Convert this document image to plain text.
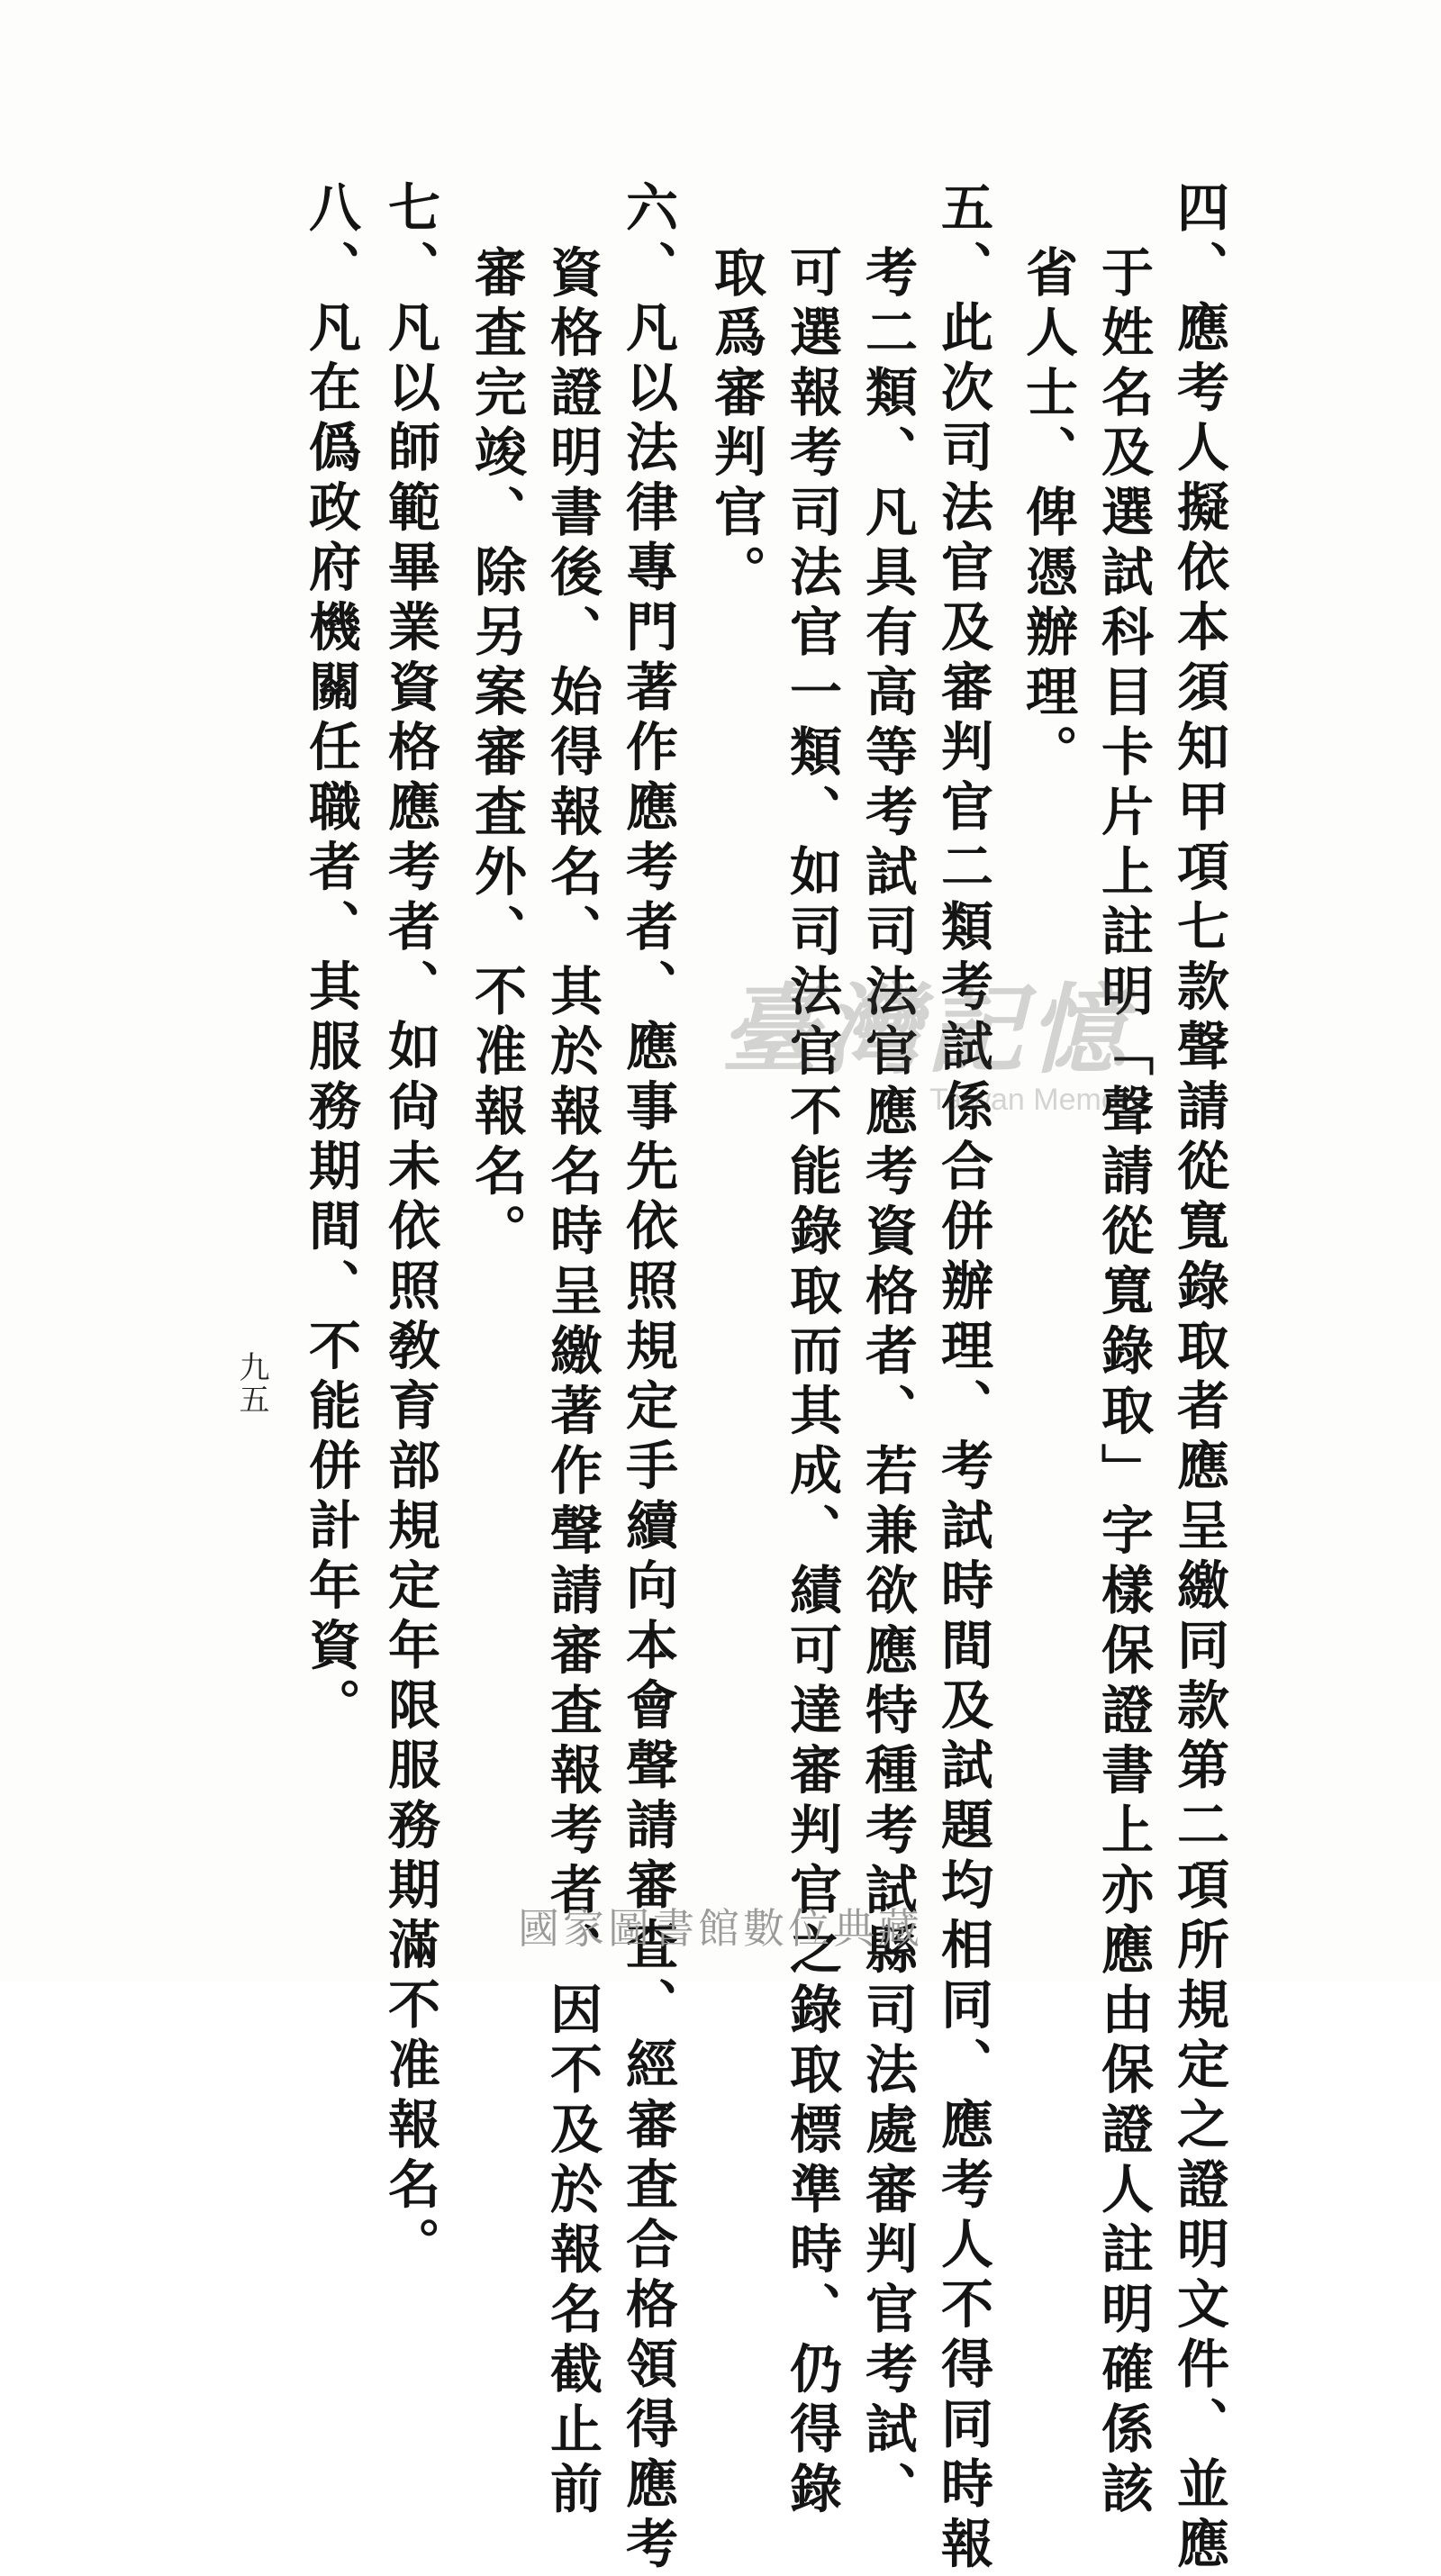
四、應考人擬依本須知甲項七款聲請從寬錄取者應呈繳同款第二項所規定之證明文件、並應
于姓名及選試科目卡片上註明「聲請從寬錄取」字樣保證書上亦應由保證人註明確係該
省人士、俾憑辦理。
五、此次司法官及審判官二類考試係合併辦理、考試時間及試題均相同、應考人不得同時報
考二類、凡具有高等考試司法官應考資格者、若兼欲應特種考試縣司法處審判官考試、
可選報考司法官一類、如司法官不能錄取而其成、績可達審判官之錄取標準時、仍得錄
取爲審判官。
六、凡以法律專門著作應考者、應事先依照規定手續向本會聲請審査、經審査合格領得應考
資格證明書後、始得報名、其於報名時呈繳著作聲請審査報考者、因不及於報名截止前
審査完竣、除另案審査外、不准報名。
七、凡以師範畢業資格應考者、如尙未依照敎育部規定年限服務期滿不准報名。
八、凡在僞政府機關任職者、其服務期間、不能併計年資。
九五
臺灣記憶
Taiwan Memory
國家圖書館數位典藏
